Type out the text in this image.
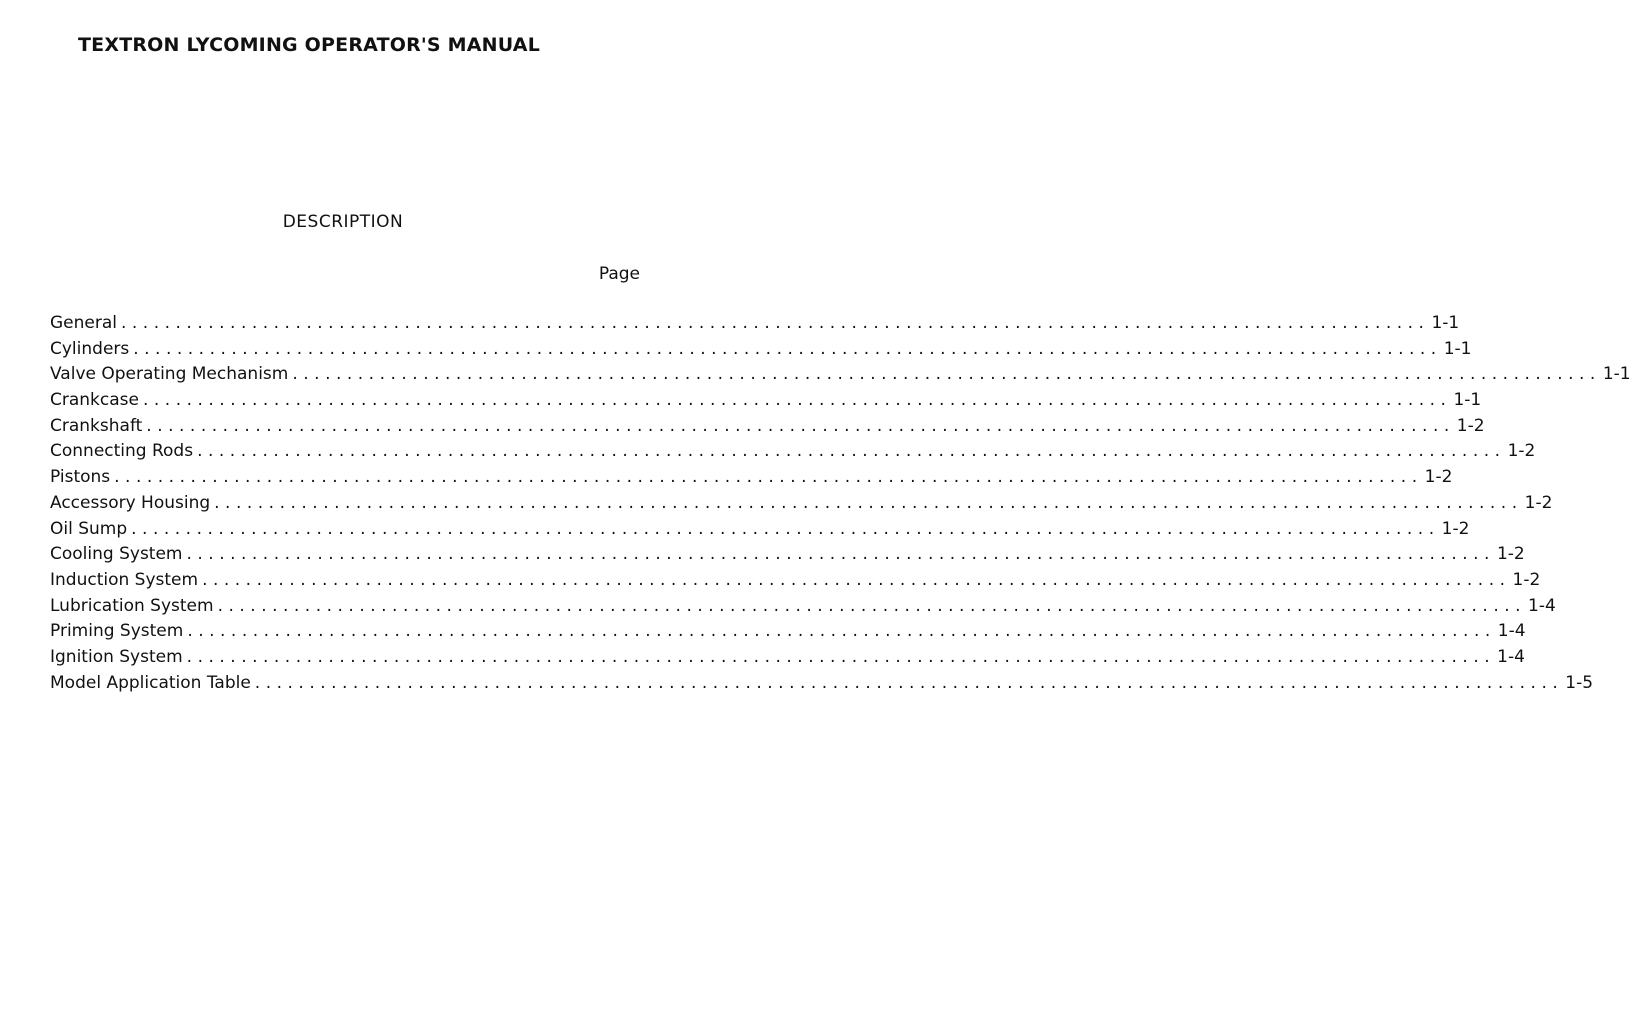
TEXTRON LYCOMING OPERATOR'S MANUAL
DESCRIPTION
Page
General ........................................................................................................................ 1-1
Cylinders ........................................................................................................................ 1-1
Valve Operating Mechanism ........................................................................................................................ 1-1
Crankcase ........................................................................................................................ 1-1
Crankshaft ........................................................................................................................ 1-2
Connecting Rods ........................................................................................................................ 1-2
Pistons ........................................................................................................................ 1-2
Accessory Housing ........................................................................................................................ 1-2
Oil Sump ........................................................................................................................ 1-2
Cooling System ........................................................................................................................ 1-2
Induction System ........................................................................................................................ 1-2
Lubrication System ........................................................................................................................ 1-4
Priming System ........................................................................................................................ 1-4
Ignition System ........................................................................................................................ 1-4
Model Application Table ........................................................................................................................ 1-5
